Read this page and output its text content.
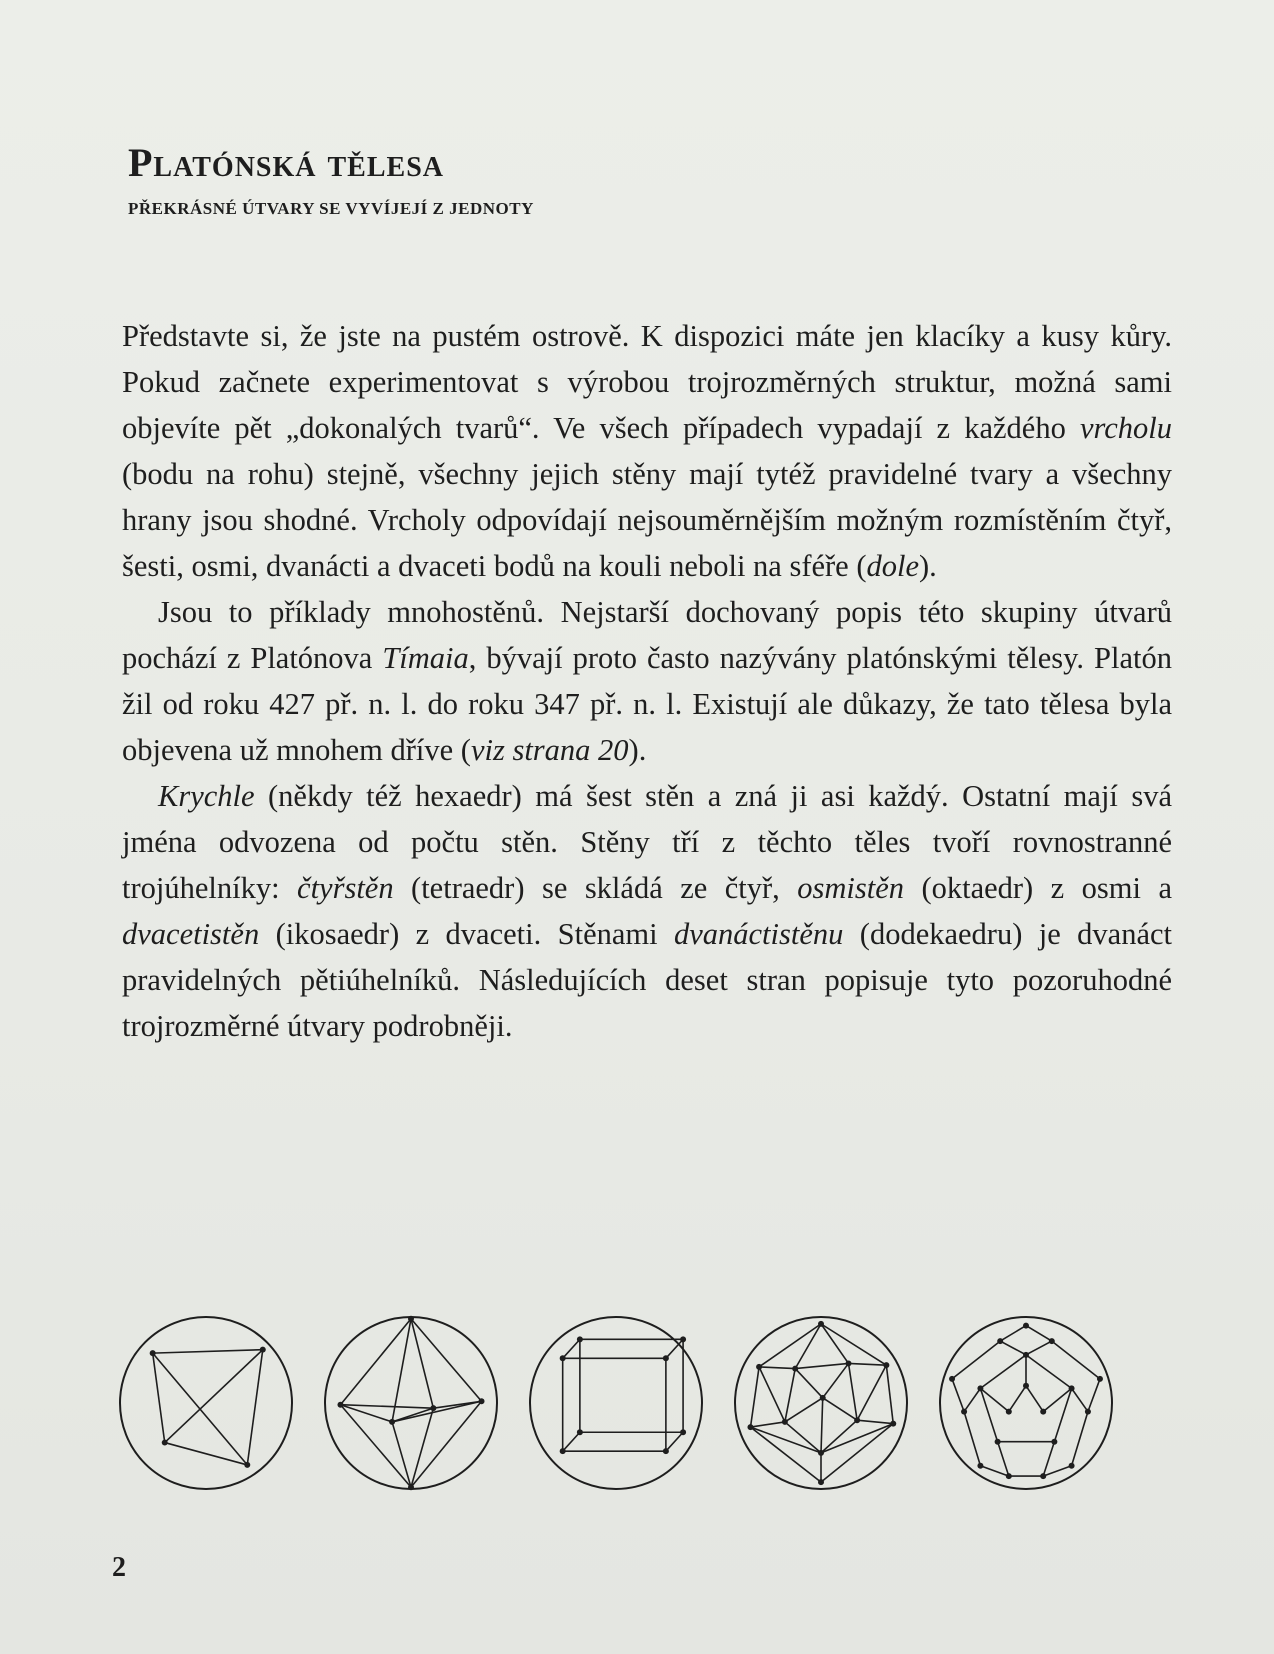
Platónská tělesa
PŘEKRÁSNÉ ÚTVARY SE VYVÍJEJÍ Z JEDNOTY

Představte si, že jste na pustém ostrově. K dispozici máte jen klacíky a kusy kůry. Pokud začnete experimentovat s výrobou trojrozměrných struktur, možná sami objevíte pět „dokonalých tvarů“. Ve všech případech vypadají z každého vrcholu (bodu na rohu) stejně, všechny jejich stěny mají tytéž pravidelné tvary a všechny hrany jsou shodné. Vrcholy odpovídají nejsouměrnějším možným rozmístěním čtyř, šesti, osmi, dvanácti a dvaceti bodů na kouli neboli na sféře (dole).

Jsou to příklady mnohostěnů. Nejstarší dochovaný popis této skupiny útvarů pochází z Platónova Tímaia, bývají proto často nazývány platónskými tělesy. Platón žil od roku 427 př. n. l. do roku 347 př. n. l. Existují ale důkazy, že tato tělesa byla objevena už mnohem dříve (viz strana 20).

Krychle (někdy též hexaedr) má šest stěn a zná ji asi každý. Ostatní mají svá jména odvozena od počtu stěn. Stěny tří z těchto těles tvoří rovnostranné trojúhelníky: čtyřstěn (tetraedr) se skládá ze čtyř, osmistěn (oktaedr) z osmi a dvacetistěn (ikosaedr) z dvaceti. Stěnami dvanáctistěnu (dodekaedru) je dvanáct pravidelných pětiúhelníků. Následujících deset stran popisuje tyto pozoruhodné trojrozměrné útvary podrobněji.

2
